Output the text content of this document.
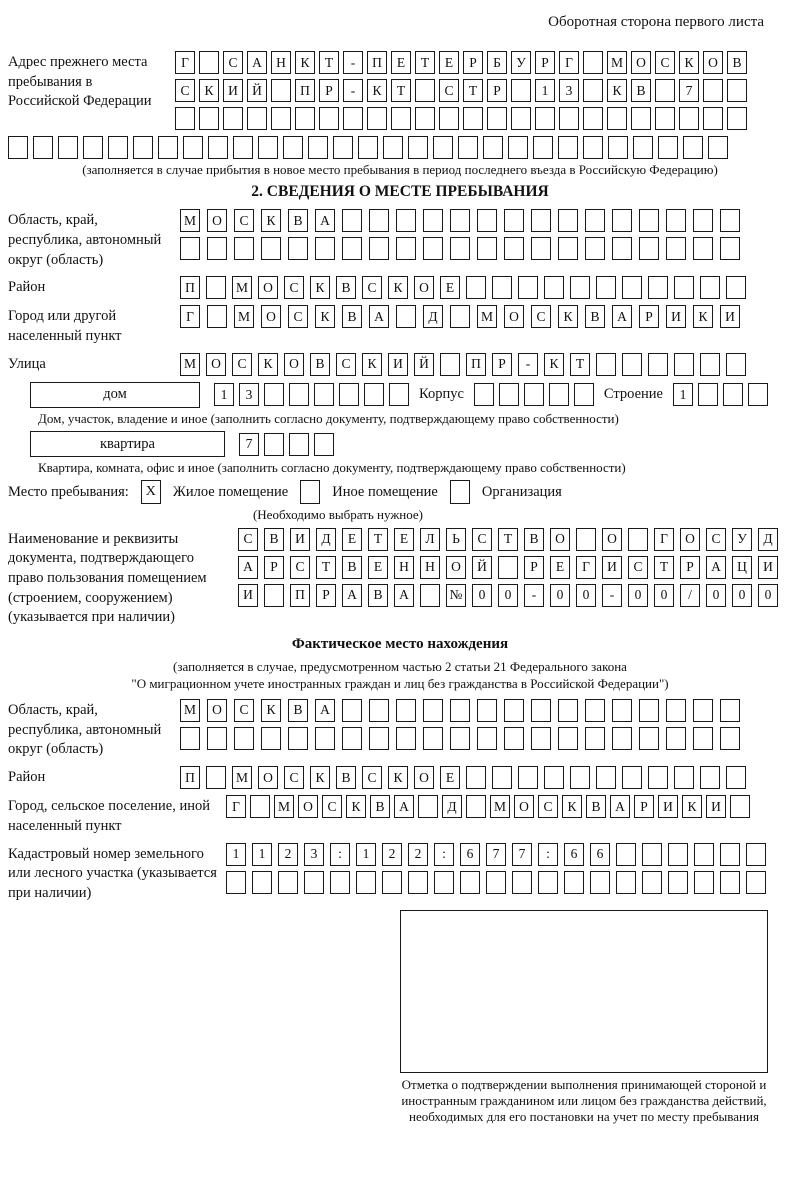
Оборотная сторона первого листа
Адрес прежнего места пребывания в Российской Федерации
Г	С	А	Н	К	Т	-	П	Е	Т	Е	Р	Б	У	Р	Г	М О	С	К	О	В
С	К	И	Й	П	Р	-	К	Т	С	Т	Р	1	3	К	В	7
(заполняется в случае прибытия в новое место пребывания в период последнего въезда в Российскую Федерацию)
2. СВЕДЕНИЯ О МЕСТЕ ПРЕБЫВАНИЯ
Область, край, республика, автономный округ (область)
М	О	С	К	В	А
Район	П	М	О	С	К	В	С	К	О	Е
Город или другой населенный пункт
Г	М	О	С	К	В	А	Д	М	О	С	К	В	А	Р	И	К	И
Улица	М	О	С	К	О	В	С	К	И	Й	П	Р	-	К	Т
дом	1	3	Корпус	Строение	1
Дом, участок, владение и иное (заполнить согласно документу, подтверждающему право собственности)
квартира	7
Квартира, комната, офис и иное (заполнить согласно документу, подтверждающему право собственности)
Место пребывания:	X	Жилое помещение	Иное помещение	Организация
(Необходимо выбрать нужное)
Наименование и реквизиты документа, подтверждающего право пользования помещением (строением, сооружением) (указывается при наличии)
С	В	И	Д	Е	Т	Е	Л	Ь	С	Т	В	О	О	Г	О	С	У	Д
А	Р	С	Т	В	Е	Н	Н	О	Й	Р	Е	Г	И	С	Т	Р	А	Ц	И
И	П	Р	А	В	А	№	0	0	-	0	0	-	0	0	/	0	0	0
Фактическое место нахождения
(заполняется в случае, предусмотренном частью 2 статьи 21 Федерального закона
"О миграционном учете иностранных граждан и лиц без гражданства в Российской Федерации")
Область, край, республика, автономный округ (область)
М	О	С	К	В	А
Район	П	М	О	С	К	В	С	К	О	Е
Город, сельское поселение, иной населенный пункт
Г	М О	С	К	В	А	Д	М О	С	К	В	А	Р	И	К	И
Кадастровый номер земельного или лесного участка (указывается при наличии)
1	1	2	3	:	1	2	2	:	6	7	7	:	6	6
Отметка о подтверждении выполнения принимающей стороной и иностранным гражданином или лицом без гражданства действий, необходимых для его постановки на учет по месту пребывания
